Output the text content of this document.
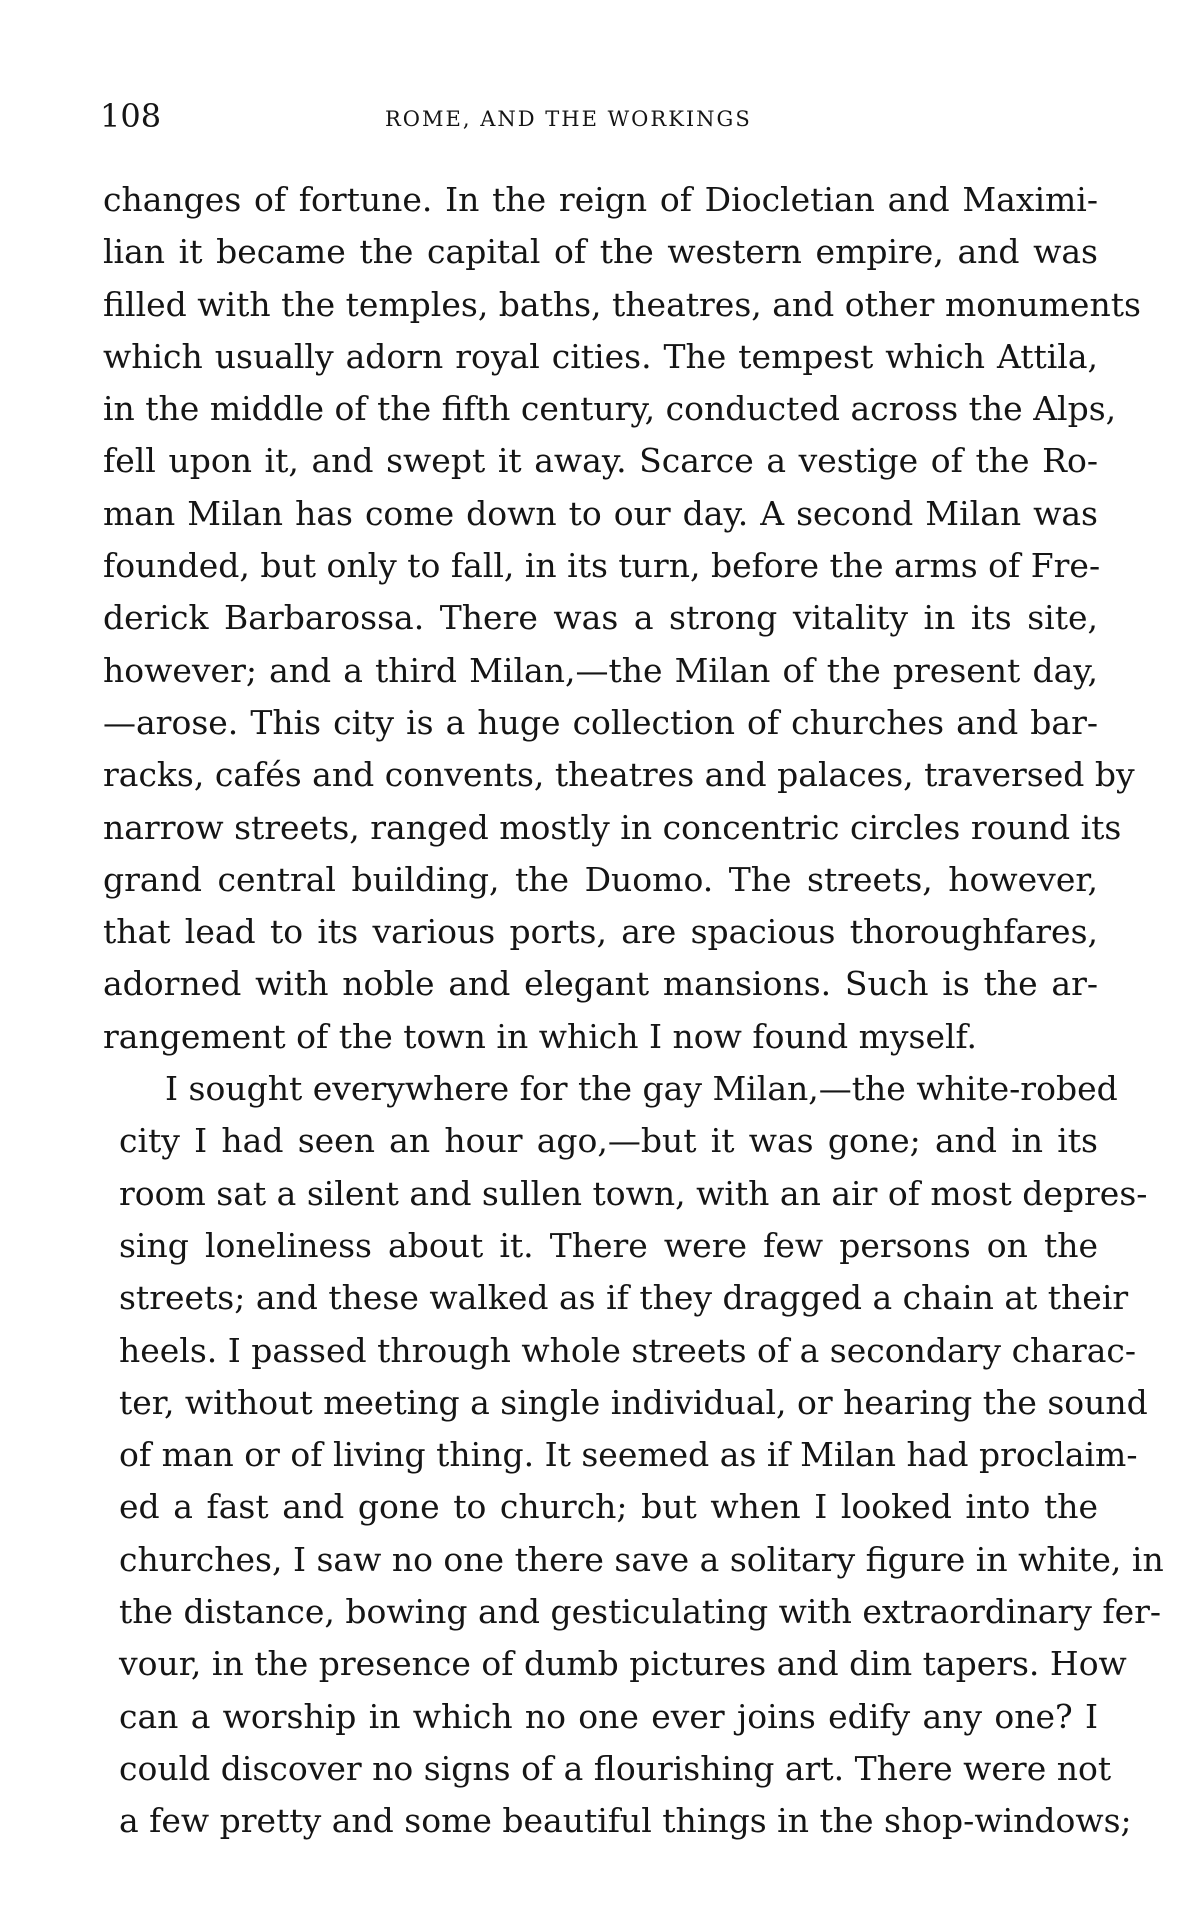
108	ROME, AND THE WORKINGS
changes of fortune. In the reign of Diocletian and Maximi-
lian it became the capital of the western empire, and was
filled with the temples, baths, theatres, and other monuments
which usually adorn royal cities. The tempest which Attila,
in the middle of the fifth century, conducted across the Alps,
fell upon it, and swept it away. Scarce a vestige of the Ro-
man Milan has come down to our day. A second Milan was
founded, but only to fall, in its turn, before the arms of Fre-
derick Barbarossa. There was a strong vitality in its site,
however; and a third Milan,—the Milan of the present day,
—arose. This city is a huge collection of churches and bar-
racks, cafés and convents, theatres and palaces, traversed by
narrow streets, ranged mostly in concentric circles round its
grand central building, the Duomo. The streets, however,
that lead to its various ports, are spacious thoroughfares,
adorned with noble and elegant mansions. Such is the ar-
rangement of the town in which I now found myself.
I sought everywhere for the gay Milan,—the white-robed
city I had seen an hour ago,—but it was gone; and in its
room sat a silent and sullen town, with an air of most depres-
sing loneliness about it. There were few persons on the
streets; and these walked as if they dragged a chain at their
heels. I passed through whole streets of a secondary charac-
ter, without meeting a single individual, or hearing the sound
of man or of living thing. It seemed as if Milan had proclaim-
ed a fast and gone to church; but when I looked into the
churches, I saw no one there save a solitary figure in white, in
the distance, bowing and gesticulating with extraordinary fer-
vour, in the presence of dumb pictures and dim tapers. How
can a worship in which no one ever joins edify any one? I
could discover no signs of a flourishing art. There were not
a few pretty and some beautiful things in the shop-windows;
